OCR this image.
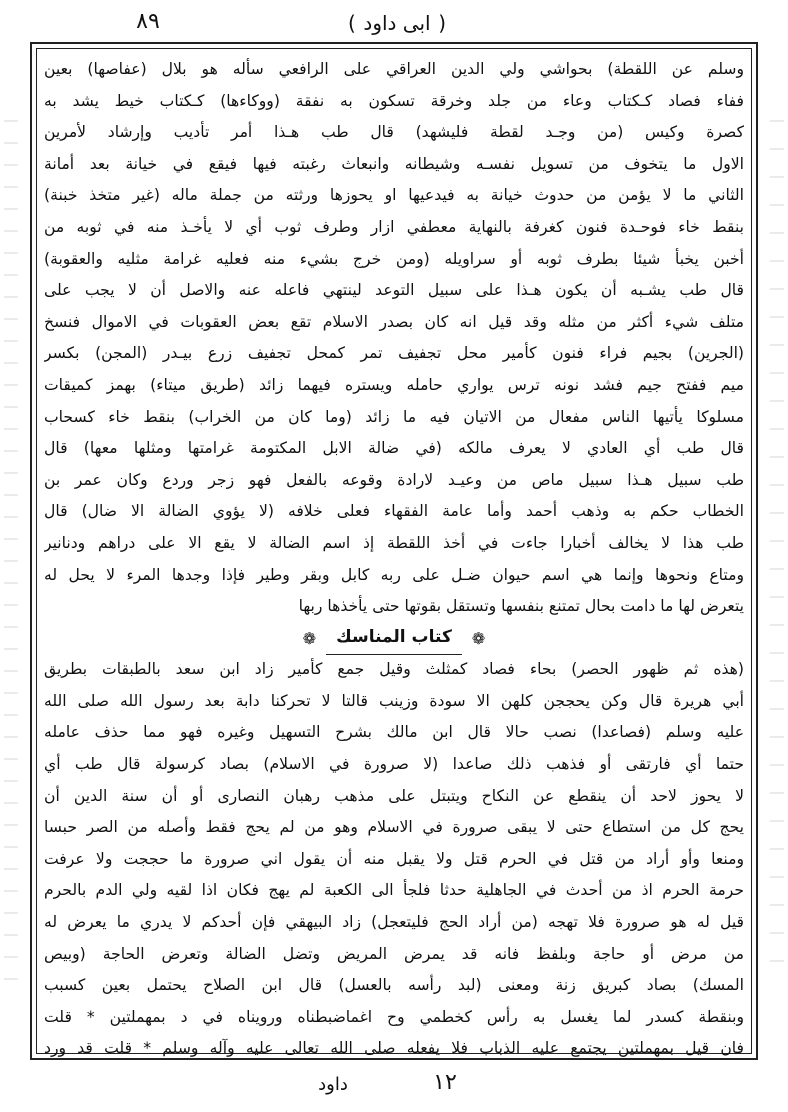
( ابی داود )
٨٩
وسلم عن اللقطة) بحواشي ولي الدين العراقي على الرافعي سأله هو بلال (عفاصها) بعين
ففاء فصاد كـكتاب وعاء من جلد وخرقة تسكون به نفقة (ووكاءها) كـكتاب خيط يشد به
كصرة وكيس (من وجـد لقطة فليشهد) قال طب هـذا أمر تأديب وإرشاد لأمرين
الاول ما يتخوف من تسويل نفسـه وشيطانه وانبعاث رغبته فيها فيقع في خيانة بعد أمانة
الثاني ما لا يؤمن من حدوث خيانة به فيدعيها او يحوزها ورثته من جملة ماله (غير متخذ خبنة)
بنقط خاء فوحـدة فنون كغرفة بالنهاية معطفي ازار وطرف ثوب أي لا يأخـذ منه في ثوبه من
أخبن يخبأ شيئا بطرف ثوبه أو سراويله (ومن خرج بشيء منه فعليه غرامة مثليه والعقوبة)
قال طب يشـبه أن يكون هـذا على سبيل التوعد لينتهي فاعله عنه والاصل أن لا يجب على
متلف شيء أكثر من مثله وقد قيل انه كان بصدر الاسلام تقع بعض العقوبات في الاموال فنسخ
(الجرين) بجيم فراء فنون كأمير محل تجفيف تمر كمحل تجفيف زرع بيـدر (المجن) بكسر
ميم ففتح جيم فشد نونه ترس يواري حامله ويستره فيهما زائد (طريق ميتاء) بهمز كميقات
مسلوكا يأتيها الناس مفعال من الاتيان فيه ما زائد (وما كان من الخراب) بنقط خاء كسحاب
قال طب أي العادي لا يعرف مالكه (في ضالة الابل المكتومة غرامتها ومثلها معها) قال
طب سبيل هـذا سبيل ماص من وعيـد لارادة وقوعه بالفعل فهو زجر وردع وكان عمر بن
الخطاب حكم به وذهب أحمد وأما عامة الفقهاء فعلى خلافه (لا يؤوي الضالة الا ضال) قال
طب هذا لا يخالف أخبارا جاءت في أخذ اللقطة إذ اسم الضالة لا يقع الا على دراهم ودنانير
ومتاع ونحوها وإنما هي اسم حيوان ضـل على ربه كابل وبقر وطير فإذا وجدها المرء لا يحل له
يتعرض لها ما دامت بحال تمتنع بنفسها وتستقل بقوتها حتى يأخذها ربها
❁
كتاب المناسك
❁
(هذه ثم ظهور الحصر) بحاء فصاد كمثلث وقيل جمع كأمير زاد ابن سعد بالطبقات بطريق
أبي هريرة قال وكن يحججن كلهن الا سودة وزينب قالتا لا تحركنا دابة بعد رسول الله صلى الله
عليه وسلم (فصاعدا) نصب حالا قال ابن مالك بشرح التسهيل وغيره فهو مما حذف عامله
حتما أي فارتقى أو فذهب ذلك صاعدا (لا صرورة في الاسلام) بصاد كرسولة قال طب أي
لا يحوز لاحد أن ينقطع عن النكاح ويتبتل على مذهب رهبان النصارى أو أن سنة الدين أن
يحج كل من استطاع حتى لا يبقى صرورة في الاسلام وهو من لم يحج فقط وأصله من الصر حبسا
ومنعا وأو أراد من قتل في الحرم قتل ولا يقبل منه أن يقول اني صرورة ما حججت ولا عرفت
حرمة الحرم اذ من أحدث في الجاهلية حدثا فلجأ الى الكعبة لم يهج فكان اذا لقيه ولي الدم بالحرم
قيل له هو صرورة فلا تهجه (من أراد الحج فليتعجل) زاد البيهقي فإن أحدكم لا يدري ما يعرض له
من مرض أو حاجة وبلفظ فانه قد يمرض المريض وتضل الضالة وتعرض الحاجة (وبيص
المسك) بصاد كبريق زنة ومعنى (لبد رأسه بالعسل) قال ابن الصلاح يحتمل بعين كسبب
وبنقطة كسدر لما يغسل به رأس كخطمي وح اغماضبطناه ورويناه في د بمهملتين * قلت
فان قيل بمهملتين يجتمع عليه الذباب فلا يفعله صلى الله تعالى عليه وآله وسلم * قلت قد ورد
داود	١٢
